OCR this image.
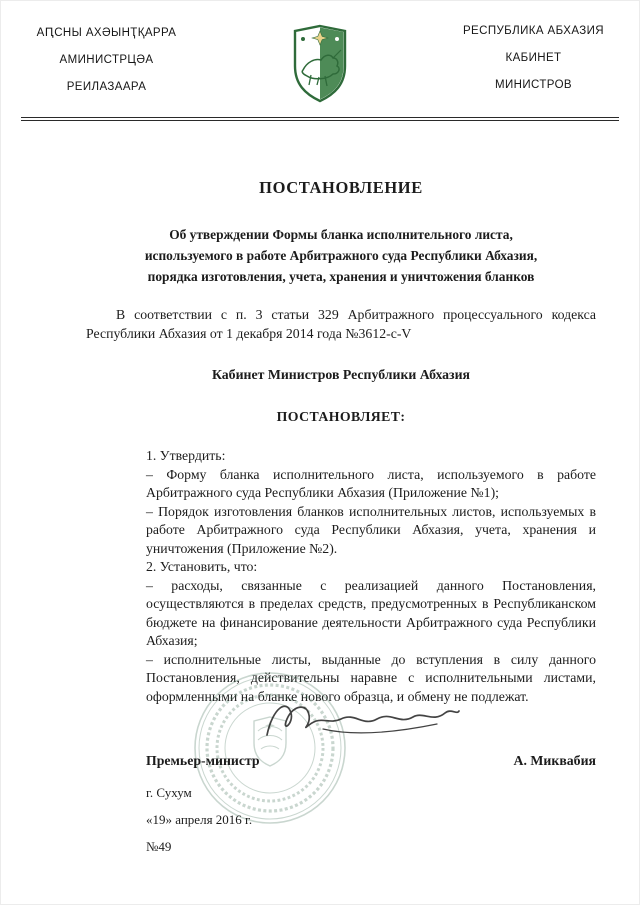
АԤСНЫ АХӘЫНҬҚАРРА
АМИНИСТРЦӘА
РЕИЛАЗААРА
РЕСПУБЛИКА АБХАЗИЯ
КАБИНЕТ
МИНИСТРОВ
ПОСТАНОВЛЕНИЕ
Об утверждении Формы бланка исполнительного листа,
используемого в работе Арбитражного суда Республики Абхазия,
порядка изготовления, учета, хранения и уничтожения бланков

В соответствии с п. 3 статьи 329 Арбитражного процессуального кодекса Республики Абхазия от 1 декабря 2014 года №3612-с-V

Кабинет Министров Республики Абхазия
ПОСТАНОВЛЯЕТ:

1. Утвердить:

– Форму бланка исполнительного листа, используемого в работе Арбитражного суда Республики Абхазия (Приложение №1);

– Порядок изготовления бланков исполнительных листов, используемых в работе Арбитражного суда Республики Абхазия, учета, хранения и уничтожения (Приложение №2).

2. Установить, что:

– расходы, связанные с реализацией данного Постановления, осуществляются в пределах средств, предусмотренных в Республиканском бюджете на финансирование деятельности Арбитражного суда Республики Абхазия;

– исполнительные листы, выданные до вступления в силу данного Постановления, действительны наравне с исполнительными листами, оформленными на бланке нового образца, и обмену не подлежат.

Премьер-министр	А. Миквабия
г. Сухум
«19» апреля 2016 г.
№49
